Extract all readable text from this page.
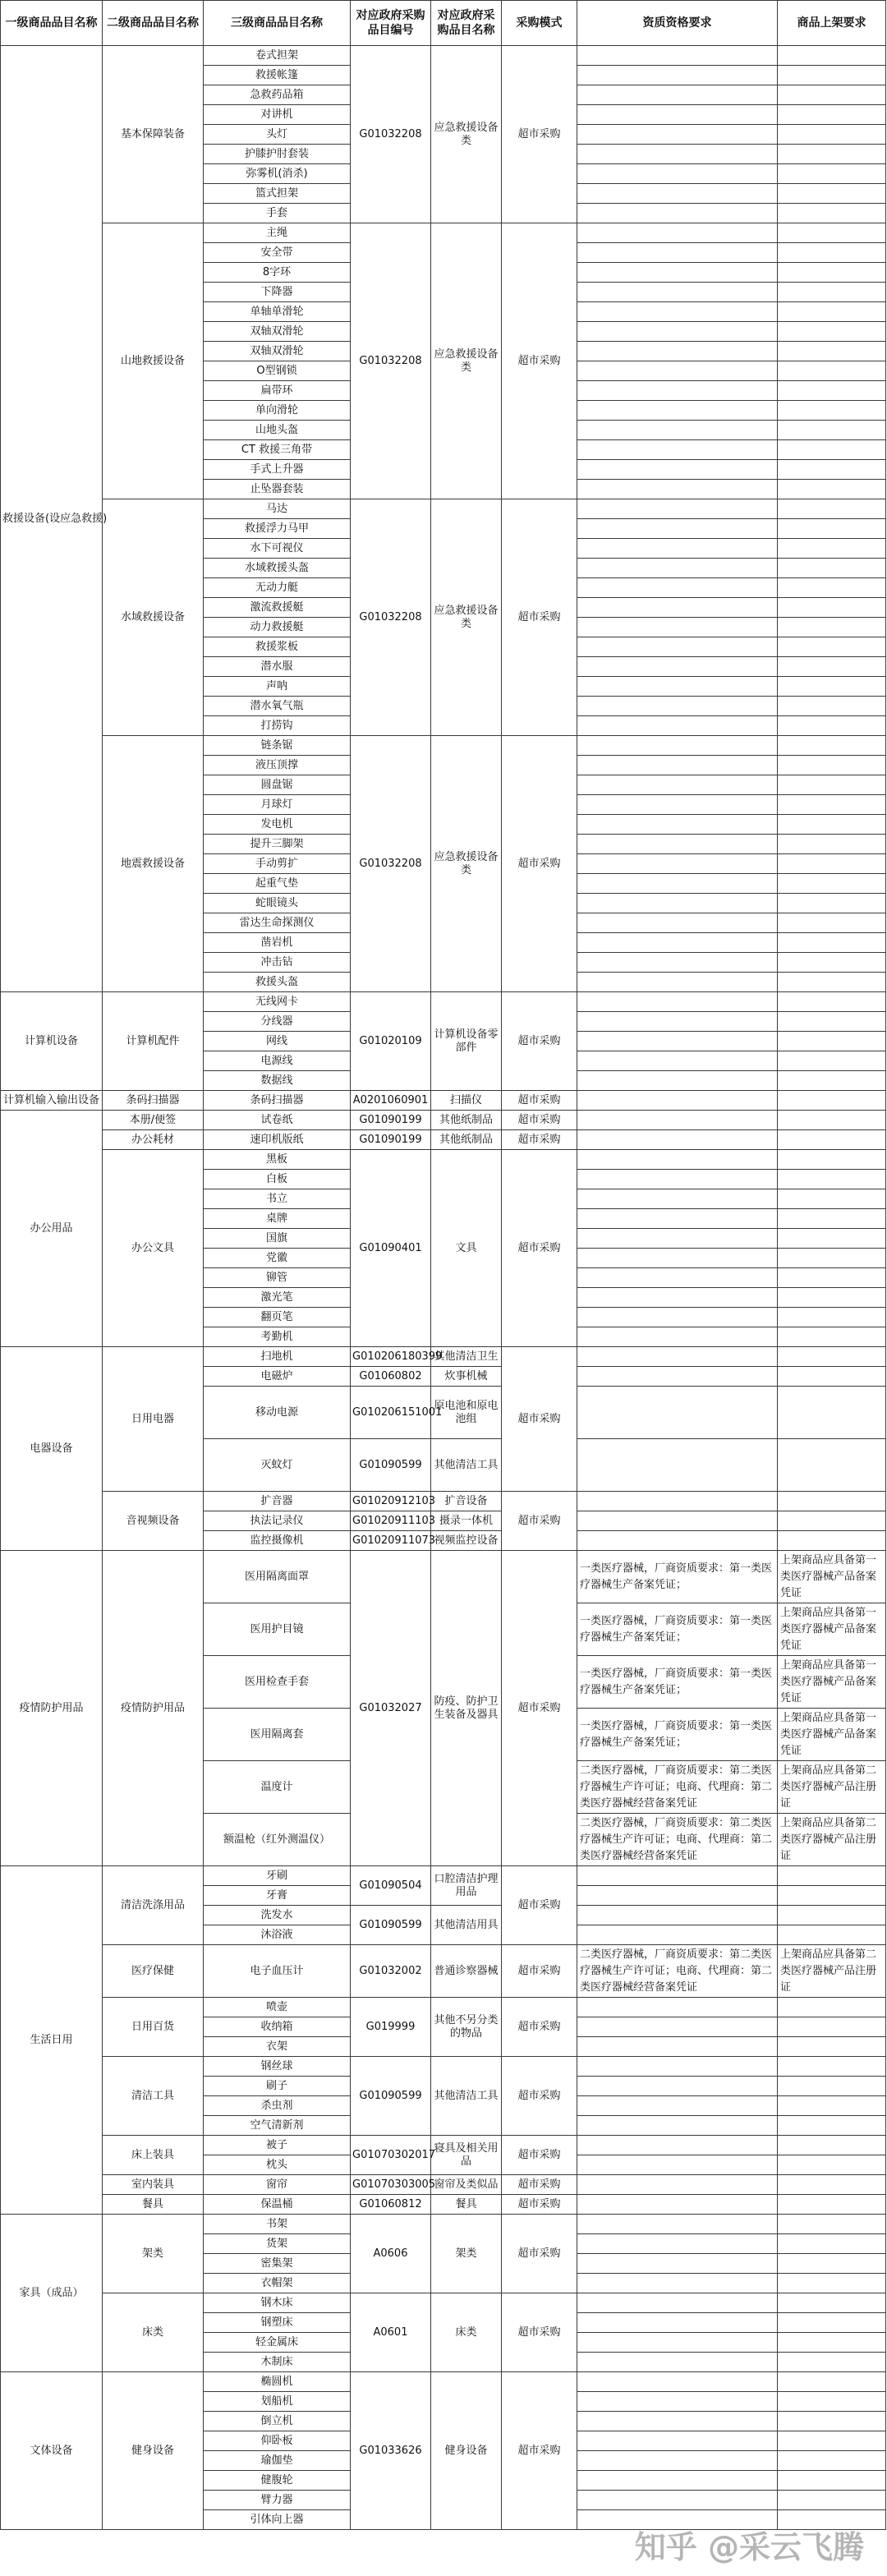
一级商品品目名称	二级商品品目名称	三级商品品目名称	对应政府采购品目编号	对应政府采购品目名称	采购模式	资质资格要求	商品上架要求
救援设备(设应急救援)	基本保障装备	卷式担架	G01032208	应急救援设备类	超市采购		
		救援帐篷					
		急救药品箱					
		对讲机					
		头灯					
		护膝护肘套装					
		弥雾机(消杀)					
		篮式担架					
		手套					
	山地救援设备	主绳	G01032208	应急救援设备类	超市采购		
		安全带					
		8字环					
		下降器					
		单轴单滑轮					
		双轴双滑轮					
		双轴双滑轮					
		O型钢锁					
		扁带环					
		单向滑轮					
		山地头盔					
		CT 救援三角带					
		手式上升器					
		止坠器套装					
	水域救援设备	马达	G01032208	应急救援设备类	超市采购		
		救援浮力马甲					
		水下可视仪					
		水域救援头盔					
		无动力艇					
		激流救援艇					
		动力救援艇					
		救援浆板					
		潜水服					
		声呐					
		潜水氧气瓶					
		打捞钩					
	地震救援设备	链条锯	G01032208	应急救援设备类	超市采购		
		液压顶撑					
		圆盘锯					
		月球灯					
		发电机					
		提升三脚架					
		手动剪扩					
		起重气垫					
		蛇眼镜头					
		雷达生命探测仪					
		凿岩机					
		冲击钻					
		救援头盔					
计算机设备	计算机配件	无线网卡	G01020109	计算机设备零部件	超市采购		
		分线器					
		网线					
		电源线					
		数据线					
计算机输入输出设备	条码扫描器	条码扫描器	A0201060901	扫描仪	超市采购		
办公用品	本册/便签	试卷纸	G01090199	其他纸制品	超市采购		
	办公耗材	速印机版纸	G01090199	其他纸制品	超市采购		
	办公文具	黑板	G01090401	文具	超市采购		
		白板					
		书立					
		桌牌					
		国旗					
		党徽					
		铆管					
		激光笔					
		翻页笔					
		考勤机					
电器设备	日用电器	扫地机	G010206180399	其他清洁卫生	超市采购		
		电磁炉	G01060802	炊事机械			
		移动电源	G010206151001	原电池和原电池组			
		灭蚊灯	G01090599	其他清洁工具			
	音视频设备	扩音器	G01020912103	扩音设备	超市采购		
		执法记录仪	G01020911103	摄录一体机			
		监控摄像机	G01020911073	视频监控设备			
疫情防护用品	疫情防护用品	医用隔离面罩	G01032027	防疫、防护卫生装备及器具	超市采购	一类医疗器械，厂商资质要求：第一类医疗器械生产备案凭证；	上架商品应具备第一类医疗器械产品备案凭证
		医用护目镜				一类医疗器械，厂商资质要求：第一类医疗器械生产备案凭证；	上架商品应具备第一类医疗器械产品备案凭证
		医用检查手套				一类医疗器械，厂商资质要求：第一类医疗器械生产备案凭证；	上架商品应具备第一类医疗器械产品备案凭证
		医用隔离套				一类医疗器械，厂商资质要求：第一类医疗器械生产备案凭证；	上架商品应具备第一类医疗器械产品备案凭证
		温度计				二类医疗器械，厂商资质要求：第二类医疗器械生产许可证；电商、代理商：第二类医疗器械经营备案凭证	上架商品应具备第二类医疗器械产品注册证
		额温枪（红外测温仪）				二类医疗器械，厂商资质要求：第二类医疗器械生产许可证；电商、代理商：第二类医疗器械经营备案凭证	上架商品应具备第二类医疗器械产品注册证
生活日用	清洁洗涤用品	牙刷	G01090504	口腔清洁护理用品	超市采购		
		牙膏					
		洗发水	G01090599	其他清洁用具			
		沐浴液					
	医疗保健	电子血压计	G01032002	普通诊察器械	超市采购	二类医疗器械，厂商资质要求：第二类医疗器械生产许可证；电商、代理商：第二类医疗器械经营备案凭证	上架商品应具备第二类医疗器械产品注册证
	日用百货	喷壶	G019999	其他不另分类的物品	超市采购		
		收纳箱					
		衣架					
	清洁工具	钢丝球	G01090599	其他清洁工具	超市采购		
		刷子					
		杀虫剂					
		空气清新剂					
	床上装具	被子	G01070302017	寝具及相关用品	超市采购		
		枕头					
	室内装具	窗帘	G01070303005	窗帘及类似品	超市采购		
	餐具	保温桶	G01060812	餐具	超市采购		
家具（成品）	架类	书架	A0606	架类	超市采购		
		货架					
		密集架					
		衣帽架					
	床类	钢木床	A0601	床类	超市采购		
		钢塑床					
		轻金属床					
		木制床					
文体设备	健身设备	椭圆机	G01033626	健身设备	超市采购		
		划船机					
		倒立机					
		仰卧板					
		瑜伽垫					
		健腹轮					
		臂力器					
		引体向上器					
知乎 @采云飞腾
